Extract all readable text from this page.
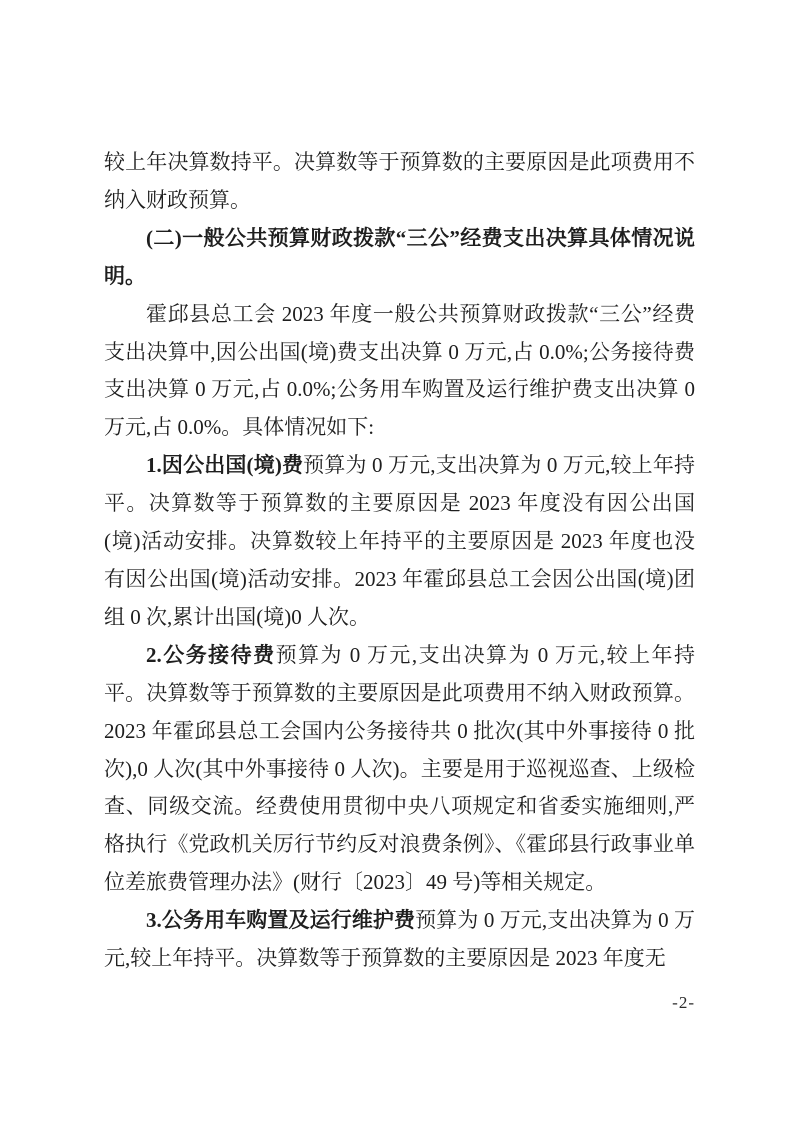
较上年决算数持平。决算数等于预算数的主要原因是此项费用不纳入财政预算。

(二)一般公共预算财政拨款“三公”经费支出决算具体情况说明。

霍邱县总工会 2023 年度一般公共预算财政拨款“三公”经费支出决算中,因公出国(境)费支出决算 0 万元,占 0.0%;公务接待费支出决算 0 万元,占 0.0%;公务用车购置及运行维护费支出决算 0 万元,占 0.0%。具体情况如下:

1.因公出国(境)费预算为 0 万元,支出决算为 0 万元,较上年持平。决算数等于预算数的主要原因是 2023 年度没有因公出国(境)活动安排。决算数较上年持平的主要原因是 2023 年度也没有因公出国(境)活动安排。2023 年霍邱县总工会因公出国(境)团组 0 次,累计出国(境)0 人次。

2.公务接待费预算为 0 万元,支出决算为 0 万元,较上年持平。决算数等于预算数的主要原因是此项费用不纳入财政预算。2023 年霍邱县总工会国内公务接待共 0 批次(其中外事接待 0 批次),0 人次(其中外事接待 0 人次)。主要是用于巡视巡查、上级检查、同级交流。经费使用贯彻中央八项规定和省委实施细则,严格执行《党政机关厉行节约反对浪费条例》、《霍邱县行政事业单位差旅费管理办法》(财行〔2023〕49 号)等相关规定。

3.公务用车购置及运行维护费预算为 0 万元,支出决算为 0 万元,较上年持平。决算数等于预算数的主要原因是 2023 年度无

-2-
